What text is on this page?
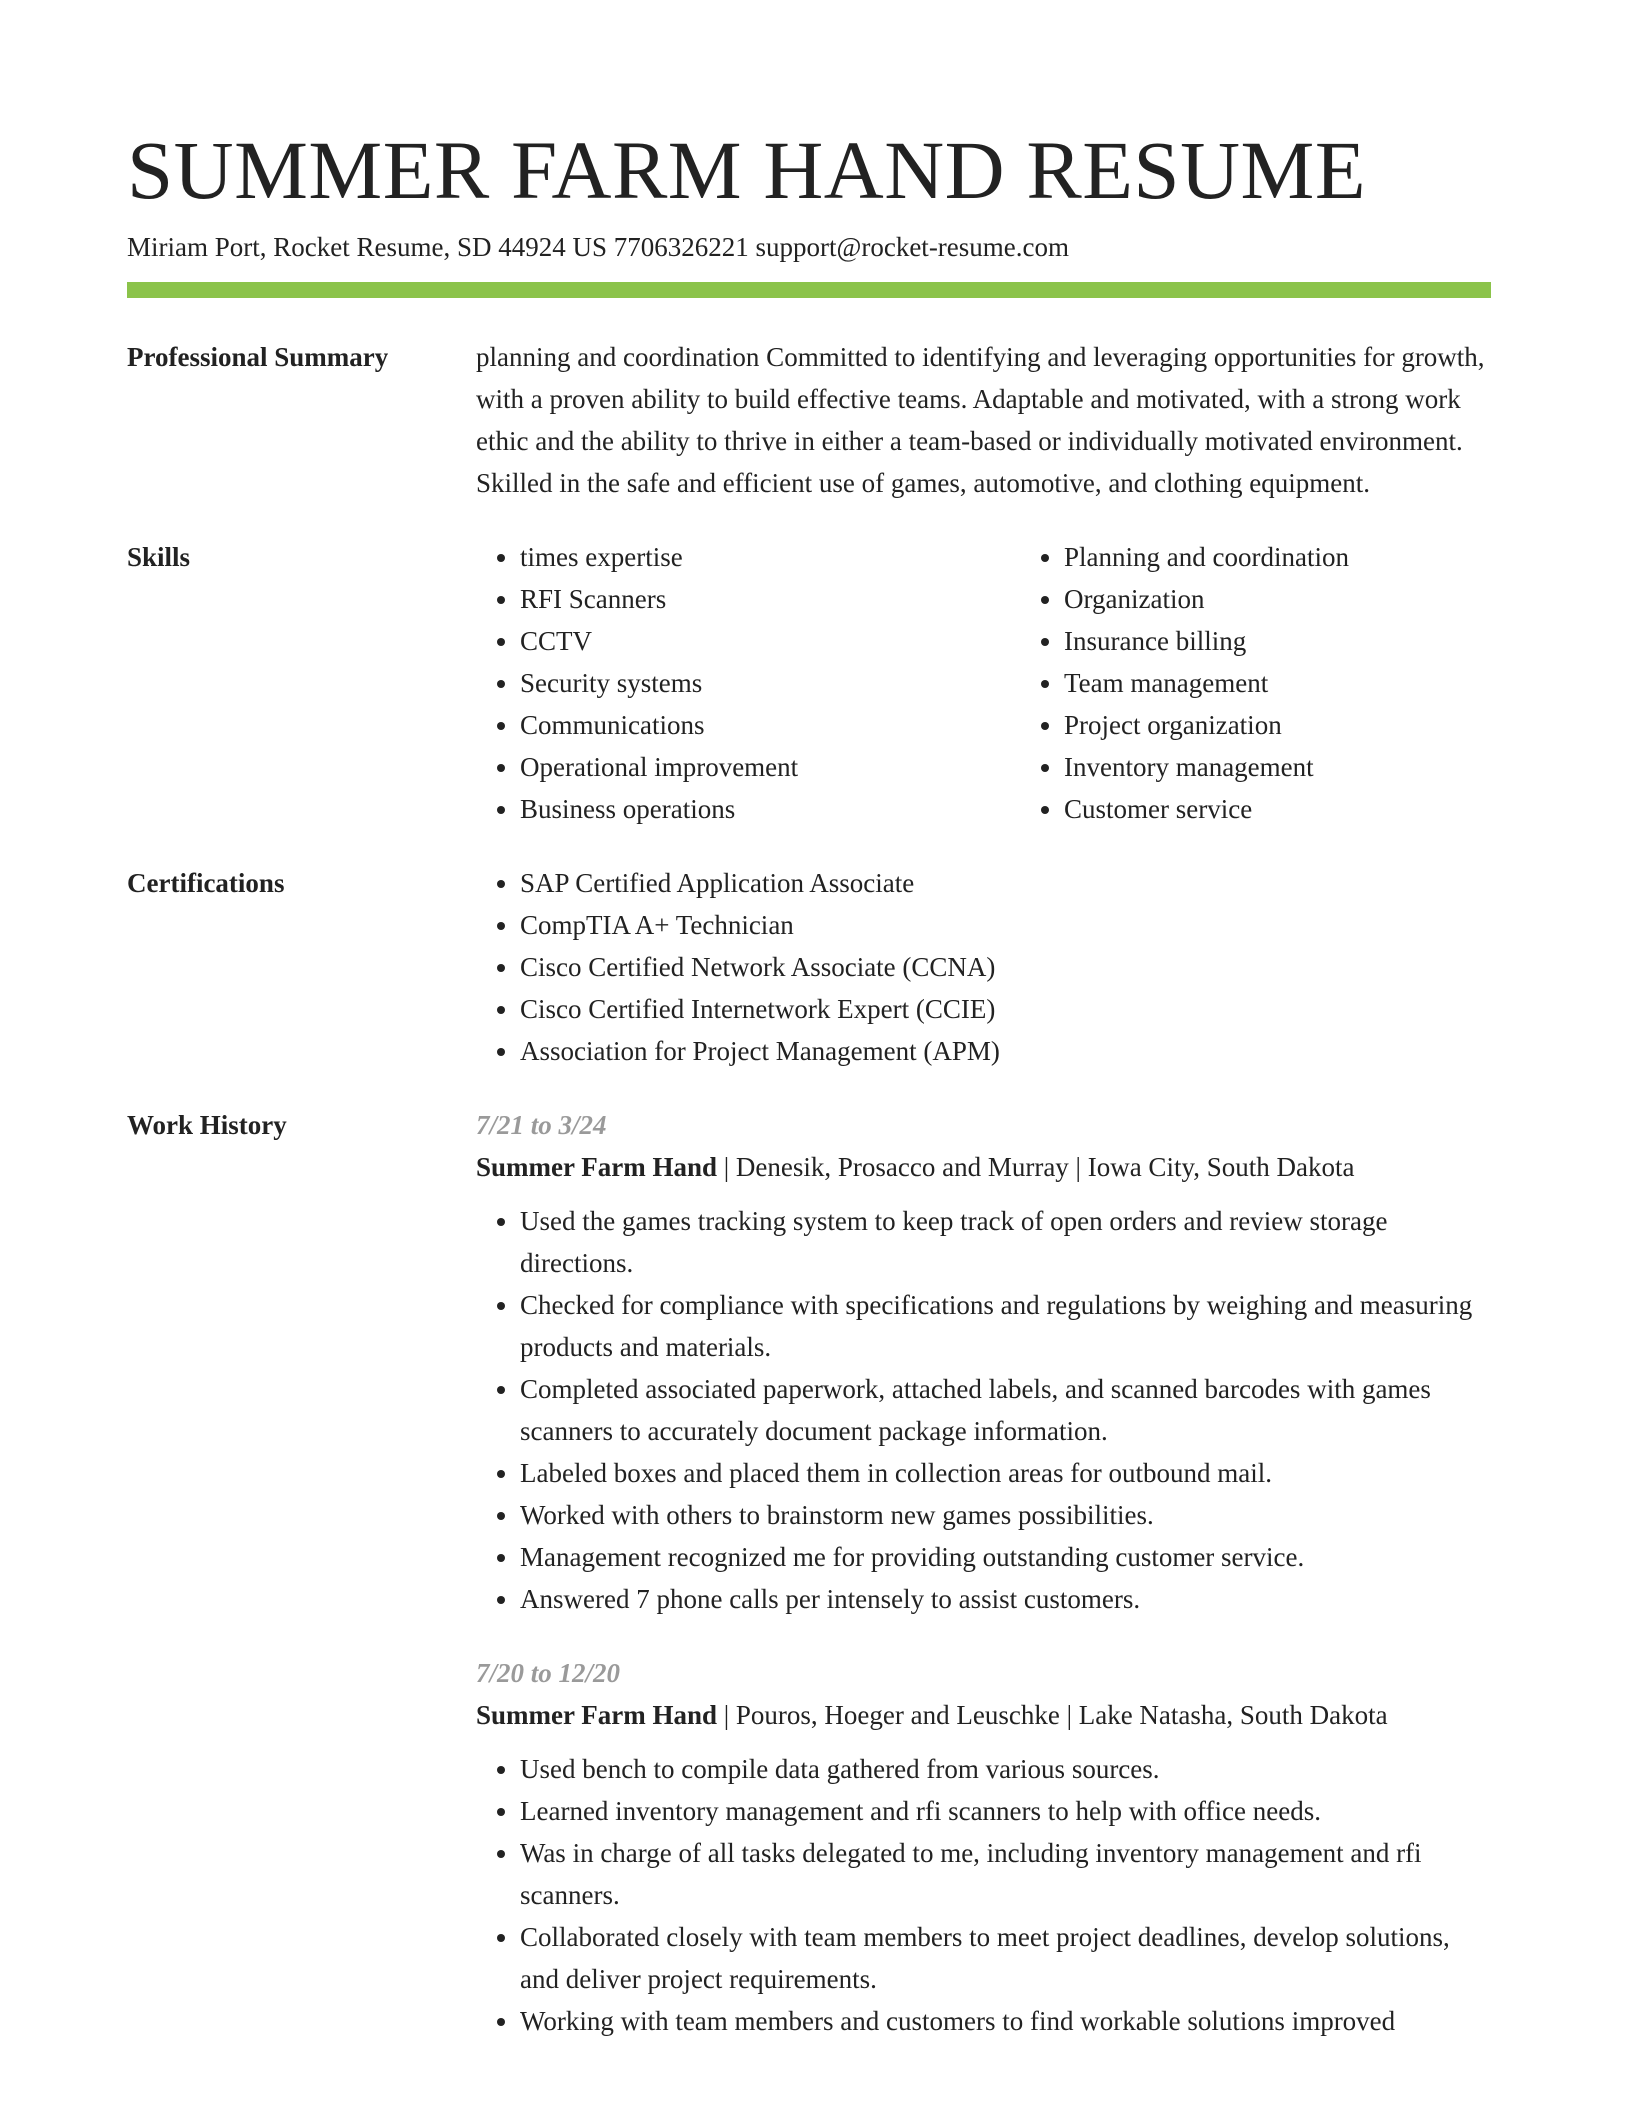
SUMMER FARM HAND RESUME
Miriam Port, Rocket Resume, SD 44924 US 7706326221 support@rocket-resume.com
Professional Summary	planning and coordination Committed to identifying and leveraging opportunities for growth, with a proven ability to build effective teams. Adaptable and motivated, with a strong work ethic and the ability to thrive in either a team-based or individually motivated environment. Skilled in the safe and efficient use of games, automotive, and clothing equipment.

Skills	• times expertise
• RFI Scanners
• CCTV
• Security systems
• Communications
• Operational improvement
• Business operations
• Planning and coordination
• Organization
• Insurance billing
• Team management
• Project organization
• Inventory management
• Customer service
Certifications	• SAP Certified Application Associate
• CompTIA A+ Technician
• Cisco Certified Network Associate (CCNA)
• Cisco Certified Internetwork Expert (CCIE)
• Association for Project Management (APM)
Work History	7/21 to 3/24
Summer Farm Hand | Denesik, Prosacco and Murray | Iowa City, South Dakota
• Used the games tracking system to keep track of open orders and review storage directions.
• Checked for compliance with specifications and regulations by weighing and measuring products and materials.
• Completed associated paperwork, attached labels, and scanned barcodes with games scanners to accurately document package information.
• Labeled boxes and placed them in collection areas for outbound mail.
• Worked with others to brainstorm new games possibilities.
• Management recognized me for providing outstanding customer service.
• Answered 7 phone calls per intensely to assist customers.
7/20 to 12/20
Summer Farm Hand | Pouros, Hoeger and Leuschke | Lake Natasha, South Dakota
• Used bench to compile data gathered from various sources.
• Learned inventory management and rfi scanners to help with office needs.
• Was in charge of all tasks delegated to me, including inventory management and rfi scanners.
• Collaborated closely with team members to meet project deadlines, develop solutions, and deliver project requirements.
• Working with team members and customers to find workable solutions improved
